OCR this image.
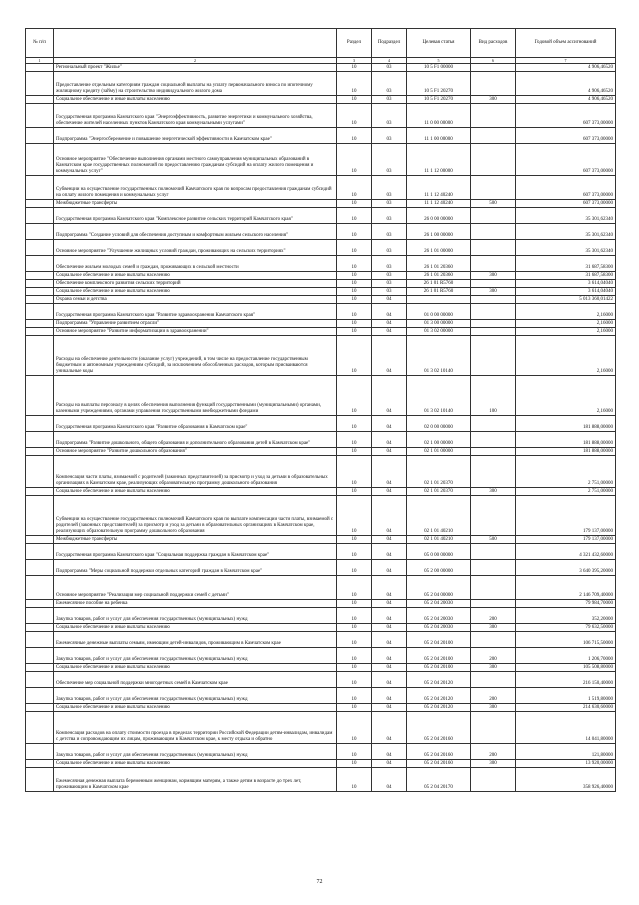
№ п/п		Раздел	Подраздел	Целевая статья	Вид расходов	Годовой объем ассигнований
1	2	3	4	5	6	7
	Региональный проект "Жилье"	10	03	10 5 F1 00000		4 906,46520
	Предоставление отдельным категориям граждан социальной выплаты на уплату первоначального взноса по ипотечному жилищному кредиту (займу) на строительство индивидуального жилого дома	10	03	10 5 F1 20270		4 906,46520
	Социальное обеспечение и иные выплаты населению	10	03	10 5 F1 20270	300	4 906,46520
	Государственная программа Камчатского края "Энергоэффективность, развитие энергетики и коммунального хозяйства, обеспечение жителей населенных пунктов Камчатского края коммунальными услугами"	10	03	11 0 00 00000		607 373,00000
	Подпрограмма "Энергосбережение и повышение энергетической эффективности в Камчатском крае"	10	03	11 1 00 00000		607 373,00000
	Основное мероприятие "Обеспечение выполнения органами местного самоуправления муниципальных образований в Камчатском крае государственных полномочий по предоставлению гражданам субсидий на оплату жилого помещения и коммунальных услуг"	10	03	11 1 12 00000		607 373,00000
	Субвенции на осуществление государственных полномочий Камчатского края по вопросам предоставления гражданам субсидий на оплату жилого помещения и коммунальных услуг	10	03	11 1 12 40240		607 373,00000
	Межбюджетные трансферты	10	03	11 1 12 40240	500	607 373,00000
	Государственная программа Камчатского края "Комплексное развитие сельских территорий Камчатского края"	10	03	26 0 00 00000		35 301,62340
	Подпрограмма "Создание условий для обеспечения доступным и комфортным жильем сельского населения"	10	03	26 1 00 00000		35 301,62340
	Основное мероприятие "Улучшение жилищных условий граждан, проживающих на сельских территориях"	10	03	26 1 01 00000		35 301,62340
	Обеспечение жильем молодых семей и граждан, проживающих в сельской местности	10	03	26 1 01 20360		31 687,58300
	Социальное обеспечение и иные выплаты населению	10	03	26 1 01 20360	300	31 687,58300
	Обеспечение комплексного развития сельских территорий	10	03	26 1 01 R5760		3 614,04040
	Социальное обеспечение и иные выплаты населению	10	03	26 1 01 R5760	300	3 614,04040
	Охрана семьи и детства	10	04			5 013 360,01422
	Государственная программа Камчатского края "Развитие здравоохранения Камчатского края"	10	04	01 0 00 00000		2,16000
	Подпрограмма "Управление развитием отрасли"	10	04	01 3 00 00000		2,16000
	Основное мероприятие "Развитие информатизации в здравоохранении"	10	04	01 3 02 00000		2,16000
	Расходы на обеспечение деятельности (оказание услуг) учреждений, в том числе на предоставление государственным бюджетным и автономным учреждениям субсидий, за исключением обособленных расходов, которым присваиваются уникальные коды	10	04	01 3 02 10140		2,16000
	Расходы на выплаты персоналу в целях обеспечения выполнения функций государственными (муниципальными) органами, казенными учреждениями, органами управления государственными внебюджетными фондами	10	04	01 3 02 10140	100	2,16000
	Государственная программа Камчатского края "Развитие образования в Камчатском крае"	10	04	02 0 00 00000		181 888,00000
	Подпрограмма "Развитие дошкольного, общего образования и дополнительного образования детей в Камчатском крае"	10	04	02 1 00 00000		181 888,00000
	Основное мероприятие "Развитие дошкольного образования"	10	04	02 1 01 00000		181 888,00000
	Компенсация части платы, взимаемой с родителей (законных представителей) за присмотр и уход за детьми в образовательных организациях в Камчатском крае, реализующих образовательную программу дошкольного образования	10	04	02 1 01 20370		2 751,00000
	Социальное обеспечение и иные выплаты населению	10	04	02 1 01 20370	300	2 751,00000
	Субвенции на осуществление государственных полномочий Камчатского края по выплате компенсации части платы, взимаемой с родителей (законных представителей) за присмотр и уход за детьми в образовательных организациях в Камчатском крае, реализующих образовательную программу дошкольного образования	10	04	02 1 01 40210		179 137,00000
	Межбюджетные трансферты	10	04	02 1 01 40210	500	179 137,00000
	Государственная программа Камчатского края "Социальная поддержка граждан в Камчатском крае"	10	04	05 0 00 00000		4 321 432,60000
	Подпрограмма "Меры социальной поддержки отдельных категорий граждан в Камчатском крае"	10	04	05 2 00 00000		3 640 395,20000
	Основное мероприятие "Реализация мер социальной поддержки семей с детьми"	10	04	05 2 04 00000		2 146 709,40000
	Ежемесячное пособие на ребенка	10	04	05 2 04 20030		79 984,70000
	Закупка товаров, работ и услуг для обеспечения государственных (муниципальных) нужд	10	04	05 2 04 20030	200	352,20000
	Социальное обеспечение и иные выплаты населению	10	04	05 2 04 20030	300	79 632,50000
	Ежемесячные денежные выплаты семьям, имеющим детей-инвалидов, проживающим в Камчатском крае	10	04	05 2 04 20100		106 715,50000
	Закупка товаров, работ и услуг для обеспечения государственных (муниципальных) нужд	10	04	05 2 04 20100	200	1 206,70000
	Социальное обеспечение и иные выплаты населению	10	04	05 2 04 20100	300	105 508,80000
	Обеспечение мер социальной поддержки многодетных семей в Камчатском крае	10	04	05 2 04 20120		216 150,40000
	Закупка товаров, работ и услуг для обеспечения государственных (муниципальных) нужд	10	04	05 2 04 20120	200	1 519,80000
	Социальное обеспечение и иные выплаты населению	10	04	05 2 04 20120	300	214 630,60000
	Компенсация расходов на оплату стоимости проезда в пределах территории Российской Федерации детям-инвалидам, инвалидам с детства и сопровождающим их лицам, проживающим в Камчатском крае, к месту отдыха и обратно	10	04	05 2 04 20160		14 041,80000
	Закупка товаров, работ и услуг для обеспечения государственных (муниципальных) нужд	10	04	05 2 04 20160	200	121,80000
	Социальное обеспечение и иные выплаты населению	10	04	05 2 04 20160	300	13 920,00000
	Ежемесячная денежная выплата беременным женщинам, кормящим матерям, а также детям в возрасте до трех лет, проживающим в Камчатском крае	10	04	05 2 04 20170		358 926,40000
72
